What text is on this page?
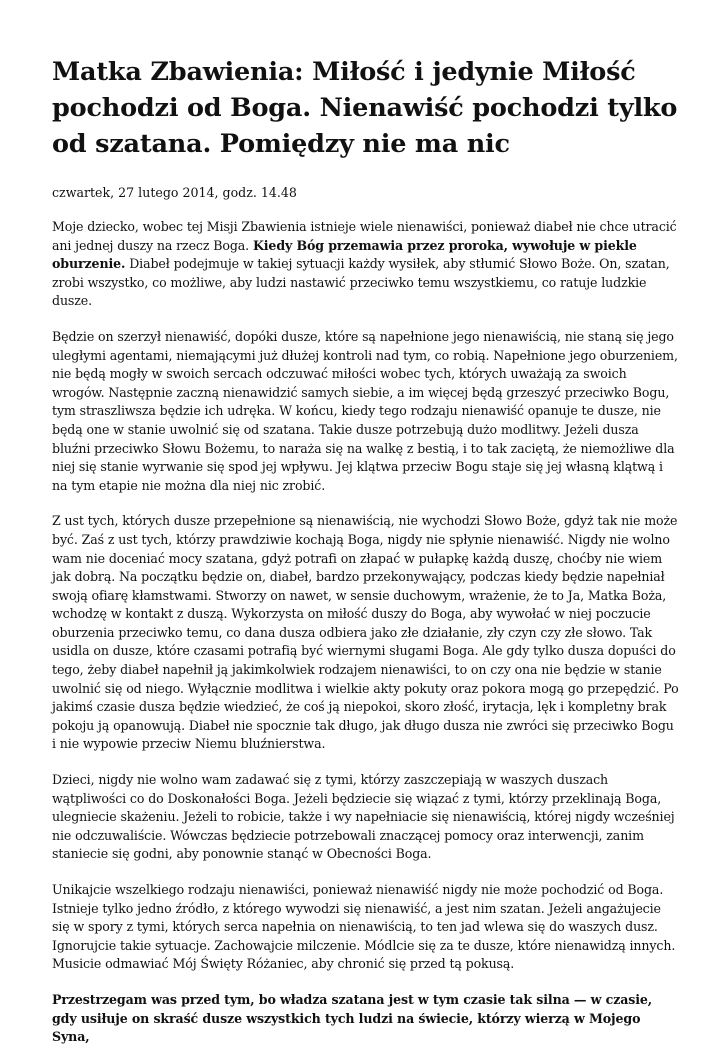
Matka Zbawienia: Miłość i jedynie Miłość pochodzi od Boga. Nienawiść pochodzi tylko od szatana. Pomiędzy nie ma nic
czwartek, 27 lutego 2014, godz. 14.48
Moje dziecko, wobec tej Misji Zbawienia istnieje wiele nienawiści, ponieważ diabeł nie chce utracić ani jednej duszy na rzecz Boga. Kiedy Bóg przemawia przez proroka, wywołuje w piekle oburzenie. Diabeł podejmuje w takiej sytuacji każdy wysiłek, aby stłumić Słowo Boże. On, szatan, zrobi wszystko, co możliwe, aby ludzi nastawić przeciwko temu wszystkiemu, co ratuje ludzkie dusze.
Będzie on szerzył nienawiść, dopóki dusze, które są napełnione jego nienawiścią, nie staną się jego uległymi agentami, niemającymi już dłużej kontroli nad tym, co robią. Napełnione jego oburzeniem, nie będą mogły w swoich sercach odczuwać miłości wobec tych, których uważają za swoich wrogów. Następnie zaczną nienawidzić samych siebie, a im więcej będą grzeszyć przeciwko Bogu, tym straszliwsza będzie ich udręka. W końcu, kiedy tego rodzaju nienawiść opanuje te dusze, nie będą one w stanie uwolnić się od szatana. Takie dusze potrzebują dużo modlitwy. Jeżeli dusza bluźni przeciwko Słowu Bożemu, to naraża się na walkę z bestią, i to tak zaciętą, że niemożliwe dla niej się stanie wyrwanie się spod jej wpływu. Jej klątwa przeciw Bogu staje się jej własną klątwą i na tym etapie nie można dla niej nic zrobić.
Z ust tych, których dusze przepełnione są nienawiścią, nie wychodzi Słowo Boże, gdyż tak nie może być. Zaś z ust tych, którzy prawdziwie kochają Boga, nigdy nie spłynie nienawiść. Nigdy nie wolno wam nie doceniać mocy szatana, gdyż potrafi on złapać w pułapkę każdą duszę, choćby nie wiem jak dobrą. Na początku będzie on, diabeł, bardzo przekonywający, podczas kiedy będzie napełniał swoją ofiarę kłamstwami. Stworzy on nawet, w sensie duchowym, wrażenie, że to Ja, Matka Boża, wchodzę w kontakt z duszą. Wykorzysta on miłość duszy do Boga, aby wywołać w niej poczucie oburzenia przeciwko temu, co dana dusza odbiera jako złe działanie, zły czyn czy złe słowo. Tak usidla on dusze, które czasami potrafią być wiernymi sługami Boga. Ale gdy tylko dusza dopuści do tego, żeby diabeł napełnił ją jakimkolwiek rodzajem nienawiści, to on czy ona nie będzie w stanie uwolnić się od niego. Wyłącznie modlitwa i wielkie akty pokuty oraz pokora mogą go przepędzić. Po jakimś czasie dusza będzie wiedzieć, że coś ją niepokoi, skoro złość, irytacja, lęk i kompletny brak pokoju ją opanowują. Diabeł nie spocznie tak długo, jak długo dusza nie zwróci się przeciwko Bogu i nie wypowie przeciw Niemu bluźnierstwa.
Dzieci, nigdy nie wolno wam zadawać się z tymi, którzy zaszczepiają w waszych duszach wątpliwości co do Doskonałości Boga. Jeżeli będziecie się wiązać z tymi, którzy przeklinają Boga, ulegniecie skażeniu. Jeżeli to robicie, także i wy napełniacie się nienawiścią, której nigdy wcześniej nie odczuwaliście. Wówczas będziecie potrzebowali znaczącej pomocy oraz interwencji, zanim staniecie się godni, aby ponownie stanąć w Obecności Boga.
Unikajcie wszelkiego rodzaju nienawiści, ponieważ nienawiść nigdy nie może pochodzić od Boga. Istnieje tylko jedno źródło, z którego wywodzi się nienawiść, a jest nim szatan. Jeżeli angażujecie się w spory z tymi, których serca napełnia on nienawiścią, to ten jad wlewa się do waszych dusz. Ignorujcie takie sytuacje. Zachowajcie milczenie. Módlcie się za te dusze, które nienawidzą innych. Musicie odmawiać Mój Święty Różaniec, aby chronić się przed tą pokusą.
Przestrzegam was przed tym, bo władza szatana jest w tym czasie tak silna — w czasie, gdy usiłuje on skraść dusze wszystkich tych ludzi na świecie, którzy wierzą w Mojego Syna,
